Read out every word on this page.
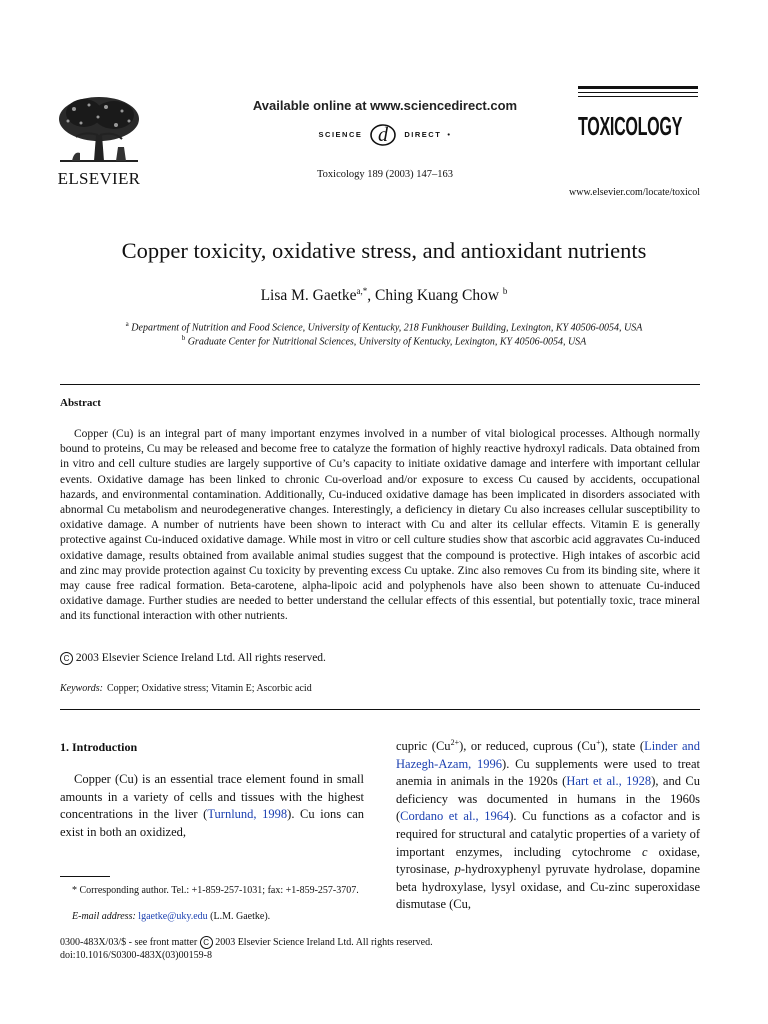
ELSEVIER
Available online at www.sciencedirect.com
SCIENCE d DIRECT •
Toxicology 189 (2003) 147–163
TOXICOLOGY
www.elsevier.com/locate/toxicol
Copper toxicity, oxidative stress, and antioxidant nutrients
Lisa M. Gaetke$^{a,*}$, Ching Kuang Chow $^b$
$^a$ Department of Nutrition and Food Science, University of Kentucky, 218 Funkhouser Building, Lexington, KY 40506-0054, USA
$^b$ Graduate Center for Nutritional Sciences, University of Kentucky, Lexington, KY 40506-0054, USA
Abstract

Copper (Cu) is an integral part of many important enzymes involved in a number of vital biological processes. Although normally bound to proteins, Cu may be released and become free to catalyze the formation of highly reactive hydroxyl radicals. Data obtained from in vitro and cell culture studies are largely supportive of Cu’s capacity to initiate oxidative damage and interfere with important cellular events. Oxidative damage has been linked to chronic Cu-overload and/or exposure to excess Cu caused by accidents, occupational hazards, and environmental contamination. Additionally, Cu-induced oxidative damage has been implicated in disorders associated with abnormal Cu metabolism and neurodegenerative changes. Interestingly, a deficiency in dietary Cu also increases cellular susceptibility to oxidative damage. A number of nutrients have been shown to interact with Cu and alter its cellular effects. Vitamin E is generally protective against Cu-induced oxidative damage. While most in vitro or cell culture studies show that ascorbic acid aggravates Cu-induced oxidative damage, results obtained from available animal studies suggest that the compound is protective. High intakes of ascorbic acid and zinc may provide protection against Cu toxicity by preventing excess Cu uptake. Zinc also removes Cu from its binding site, where it may cause free radical formation. Beta-carotene, alpha-lipoic acid and polyphenols have also been shown to attenuate Cu-induced oxidative damage. Further studies are needed to better understand the cellular effects of this essential, but potentially toxic, trace mineral and its functional interaction with other nutrients.

C 2003 Elsevier Science Ireland Ltd. All rights reserved.
Keywords: Copper; Oxidative stress; Vitamin E; Ascorbic acid
1. Introduction

Copper (Cu) is an essential trace element found in small amounts in a variety of cells and tissues with the highest concentrations in the liver (Turnlund, 1998). Cu ions can exist in both an oxidized,

cupric $(Cu^{2+})$, or reduced, cuprous (Cu+), state (Linder and Hazegh-Azam, 1996). Cu supplements were used to treat anemia in animals in the 1920s (Hart et al., 1928), and Cu deficiency was documented in humans in the 1960s (Cordano et al., 1964). Cu functions as a cofactor and is required for structural and catalytic properties of a variety of important enzymes, including cytochrome c oxidase, tyrosinase, p-hydroxyphenyl pyruvate hydrolase, dopamine beta hydroxylase, lysyl oxidase, and Cu-zinc superoxidase dismutase (Cu,

* Corresponding author. Tel.: +1-859-257-1031; fax: +1-859-257-3707.

E-mail address: lgaetke@uky.edu (L.M. Gaetke).
0300-483X/03/$ - see front matter C 2003 Elsevier Science Ireland Ltd. All rights reserved.
doi:10.1016/S0300-483X(03)00159-8
